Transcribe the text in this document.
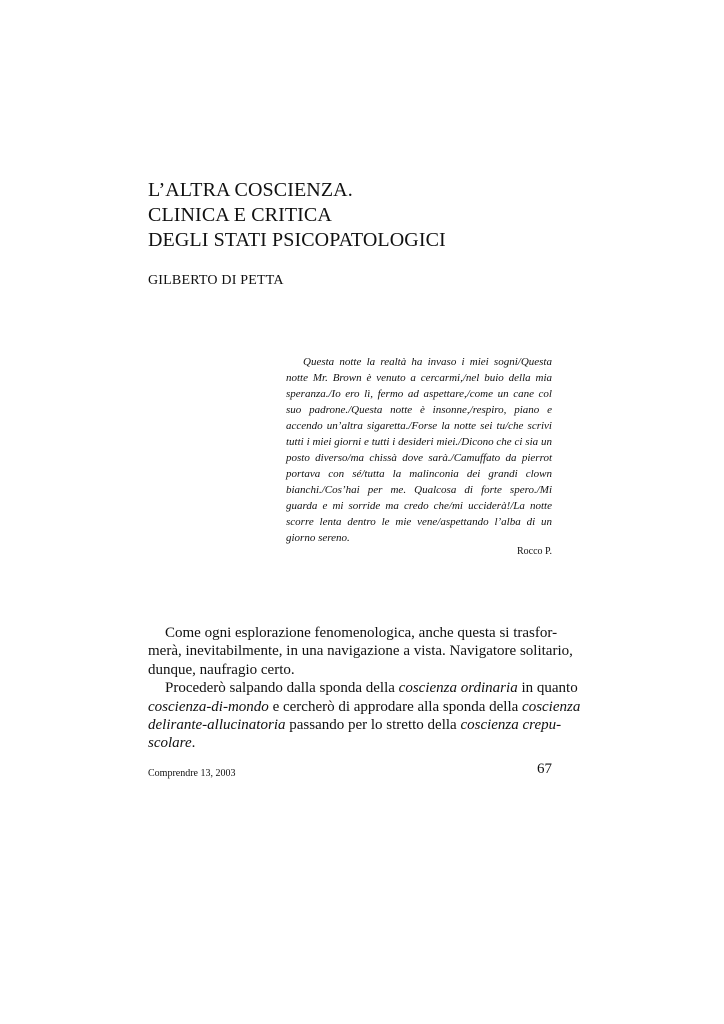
L’ALTRA COSCIENZA.
CLINICA E CRITICA
DEGLI STATI PSICOPATOLOGICI
GILBERTO DI PETTA
Questa notte la realtà ha invaso i miei sogni/Questa
notte Mr. Brown è venuto a cercarmi,/nel buio della mia
speranza./Io ero lì, fermo ad aspettare,/come un cane col
suo padrone./Questa notte è insonne,/respiro, piano e
accendo un’altra sigaretta./Forse la notte sei tu/che scrivi
tutti i miei giorni e tutti i desideri miei./Dicono che ci sia un
posto diverso/ma chissà dove sarà./Camuffato da pierrot
portava con sé/tutta la malinconia dei grandi clown
bianchi./Cos’hai per me. Qualcosa di forte spero./Mi
guarda e mi sorride ma credo che/mi ucciderà!/La notte
scorre lenta dentro le mie vene/aspettando l’alba di un
giorno sereno.
Rocco P.
Come ogni esplorazione fenomenologica, anche questa si trasfor-
merà, inevitabilmente, in una navigazione a vista. Navigatore solitario,
dunque, naufragio certo.
Procederò salpando dalla sponda della coscienza ordinaria in quanto
coscienza-di-mondo e cercherò di approdare alla sponda della coscienza
delirante-allucinatoria passando per lo stretto della coscienza crepu-
scolare.
Comprendre 13, 2003	67
